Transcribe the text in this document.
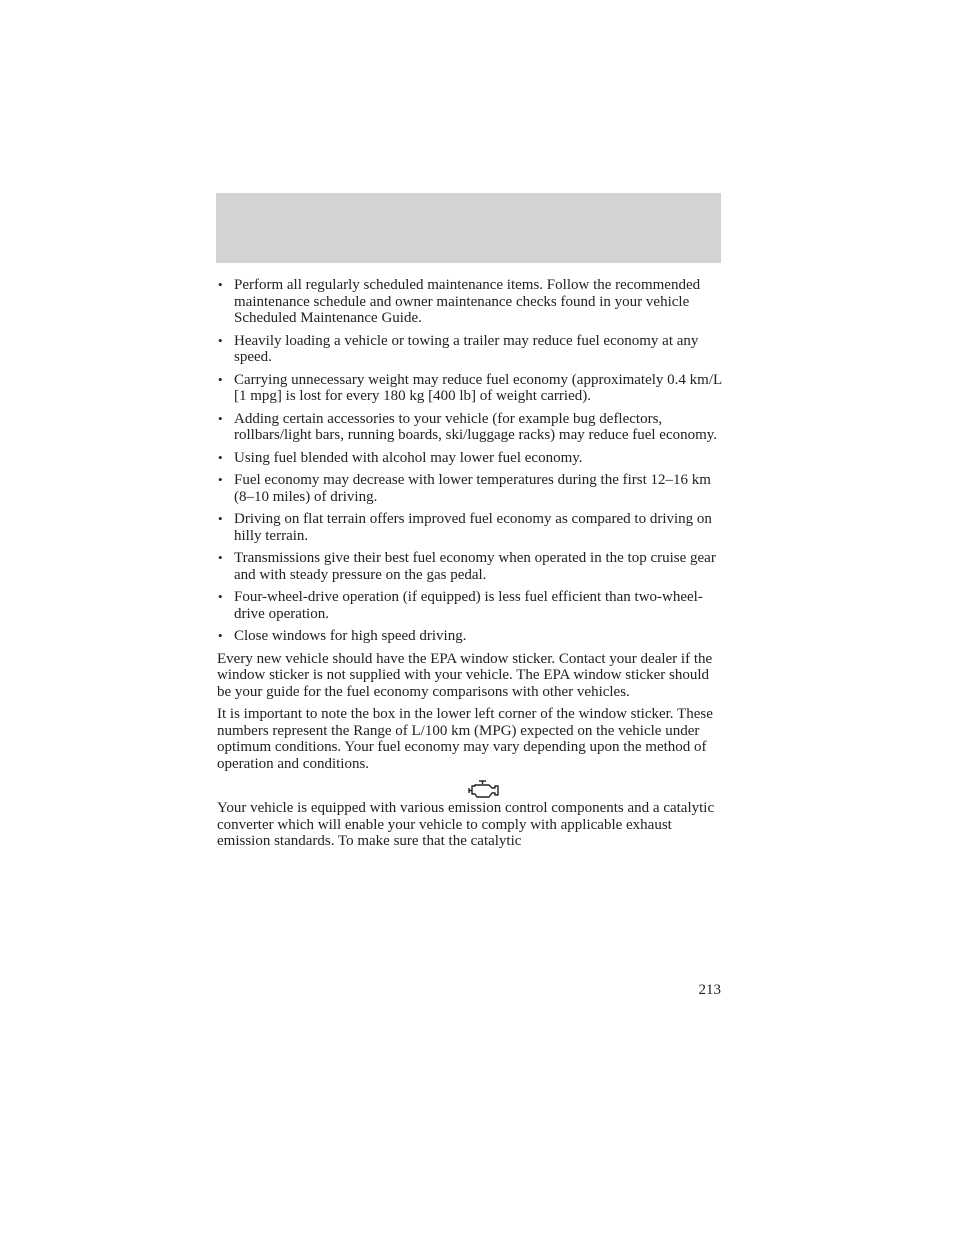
• Perform all regularly scheduled maintenance items. Follow the recommended maintenance schedule and owner maintenance checks found in your vehicle Scheduled Maintenance Guide.
• Heavily loading a vehicle or towing a trailer may reduce fuel economy at any speed.
• Carrying unnecessary weight may reduce fuel economy (approximately 0.4 km/L [1 mpg] is lost for every 180 kg [400 lb] of weight carried).
• Adding certain accessories to your vehicle (for example bug deflectors, rollbars/light bars, running boards, ski/luggage racks) may reduce fuel economy.
• Using fuel blended with alcohol may lower fuel economy.
• Fuel economy may decrease with lower temperatures during the first 12–16 km (8–10 miles) of driving.
• Driving on flat terrain offers improved fuel economy as compared to driving on hilly terrain.
• Transmissions give their best fuel economy when operated in the top cruise gear and with steady pressure on the gas pedal.
• Four-wheel-drive operation (if equipped) is less fuel efficient than two-wheel-drive operation.
• Close windows for high speed driving.

Every new vehicle should have the EPA window sticker. Contact your dealer if the window sticker is not supplied with your vehicle. The EPA window sticker should be your guide for the fuel economy comparisons with other vehicles.

It is important to note the box in the lower left corner of the window sticker. These numbers represent the Range of L/100 km (MPG) expected on the vehicle under optimum conditions. Your fuel economy may vary depending upon the method of operation and conditions.

Your vehicle is equipped with various emission control components and a catalytic converter which will enable your vehicle to comply with applicable exhaust emission standards. To make sure that the catalytic

213
